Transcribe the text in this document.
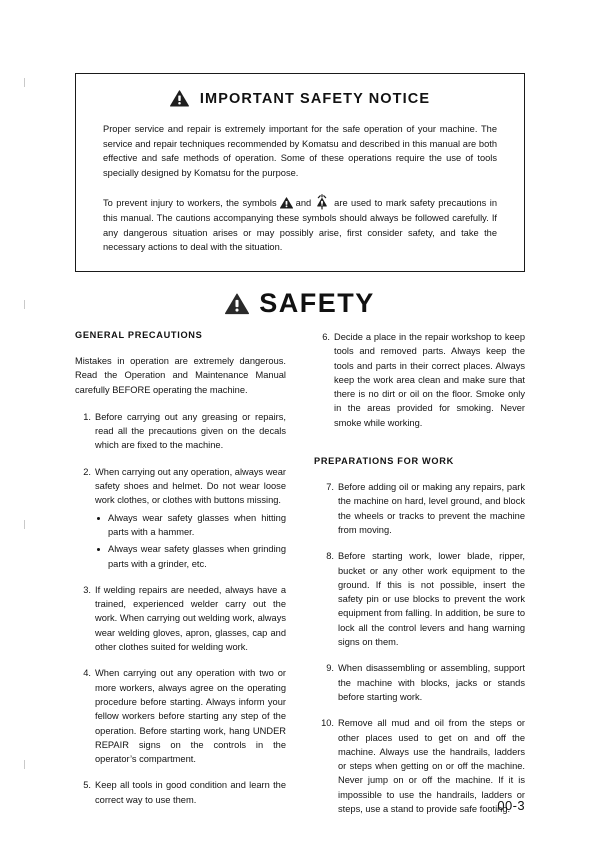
IMPORTANT SAFETY NOTICE

Proper service and repair is extremely important for the safe operation of your machine. The service and repair techniques recommended by Komatsu and described in this manual are both effective and safe methods of operation. Some of these operations require the use of tools specially designed by Komatsu for the purpose.

To prevent injury to workers, the symbols and are used to mark safety precautions in this manual. The cautions accompanying these symbols should always be followed carefully. If any dangerous situation arises or may possibly arise, first consider safety, and take the necessary actions to deal with the situation.

SAFETY
GENERAL PRECAUTIONS

Mistakes in operation are extremely dangerous. Read the Operation and Maintenance Manual carefully BEFORE operating the machine.

1. Before carrying out any greasing or repairs, read all the precautions given on the decals which are fixed to the machine.
2. When carrying out any operation, always wear safety shoes and helmet. Do not wear loose work clothes, or clothes with buttons missing.
Always wear safety glasses when hitting parts with a hammer.
Always wear safety glasses when grinding parts with a grinder, etc.
3. If welding repairs are needed, always have a trained, experienced welder carry out the work. When carrying out welding work, always wear welding gloves, apron, glasses, cap and other clothes suited for welding work.
4. When carrying out any operation with two or more workers, always agree on the operating procedure before starting. Always inform your fellow workers before starting any step of the operation. Before starting work, hang UNDER REPAIR signs on the controls in the operator’s compartment.
5. Keep all tools in good condition and learn the correct way to use them.
6. Decide a place in the repair workshop to keep tools and removed parts. Always keep the tools and parts in their correct places. Always keep the work area clean and make sure that there is no dirt or oil on the floor. Smoke only in the areas provided for smoking. Never smoke while working.
PREPARATIONS FOR WORK
7. Before adding oil or making any repairs, park the machine on hard, level ground, and block the wheels or tracks to prevent the machine from moving.
8. Before starting work, lower blade, ripper, bucket or any other work equipment to the ground. If this is not possible, insert the safety pin or use blocks to prevent the work equipment from falling. In addition, be sure to lock all the control levers and hang warning signs on them.
9. When disassembling or assembling, support the machine with blocks, jacks or stands before starting work.
10. Remove all mud and oil from the steps or other places used to get on and off the machine. Always use the handrails, ladders or steps when getting on or off the machine. Never jump on or off the machine. If it is impossible to use the handrails, ladders or steps, use a stand to provide safe footing.
00-3
